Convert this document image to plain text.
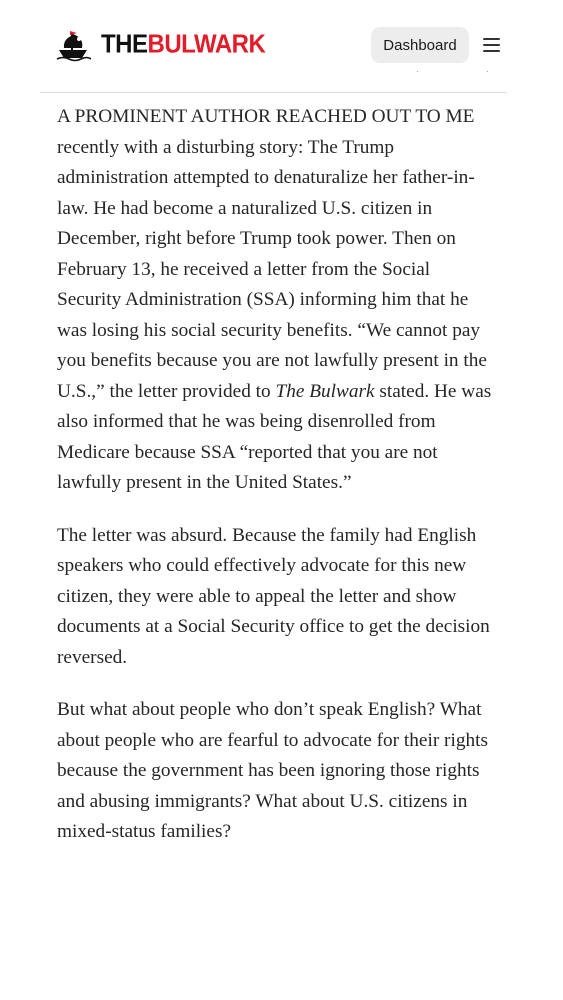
THEBULWARK	Dashboard
·	·

A PROMINENT AUTHOR REACHED OUT TO ME recently with a disturbing story: The Trump administration attempted to denaturalize her father-in-law. He had become a naturalized U.S. citizen in December, right before Trump took power. Then on February 13, he received a letter from the Social Security Administration (SSA) informing him that he was losing his social security benefits. “We cannot pay you benefits because you are not lawfully present in the U.S.,” the letter provided to The Bulwark stated. He was also informed that he was being disenrolled from Medicare because SSA “reported that you are not lawfully present in the United States.”

The letter was absurd. Because the family had English speakers who could effectively advocate for this new citizen, they were able to appeal the letter and show documents at a Social Security office to get the decision reversed.

But what about people who don’t speak English? What about people who are fearful to advocate for their rights because the government has been ignoring those rights and abusing immigrants? What about U.S. citizens in mixed-status families?
